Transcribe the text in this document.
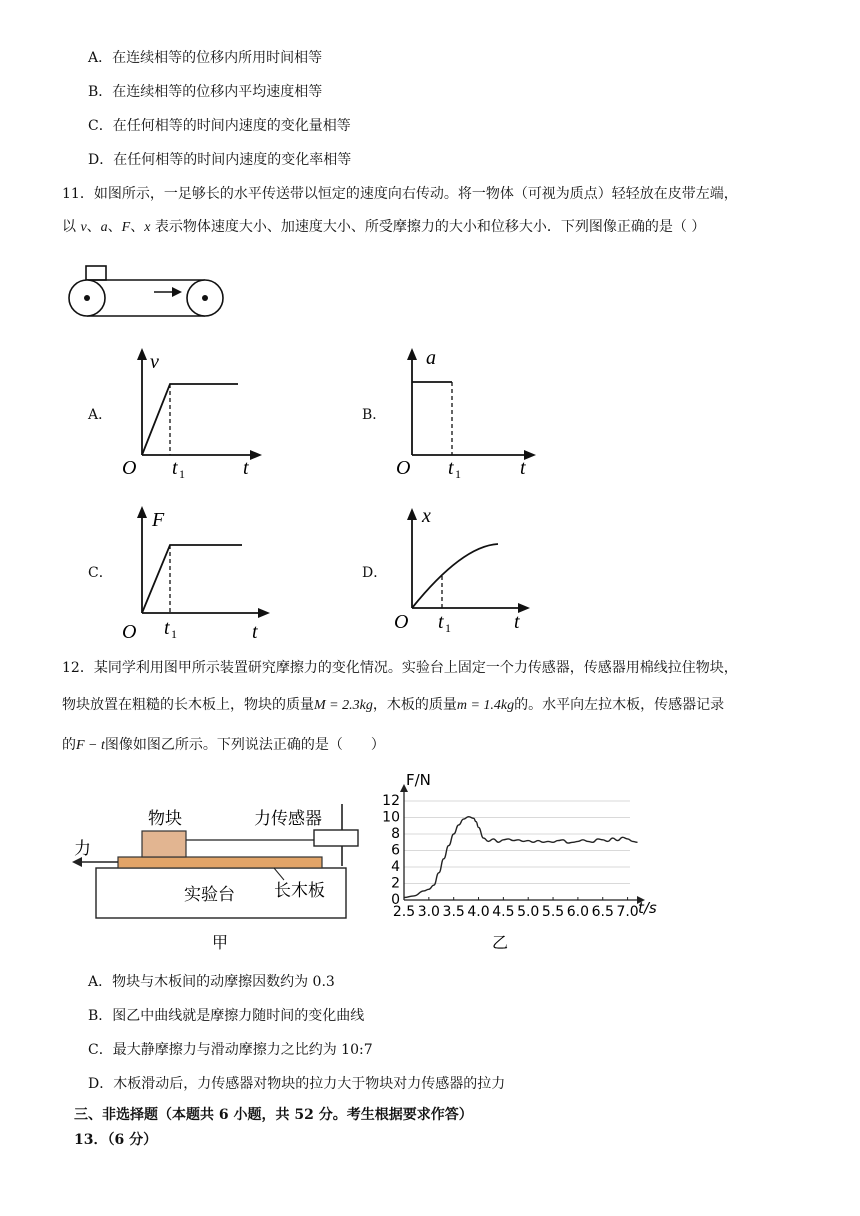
A．在连续相等的位移内所用时间相等
B．在连续相等的位移内平均速度相等
C．在任何相等的时间内速度的变化量相等
D．在任何相等的时间内速度的变化率相等
11．如图所示，一足够长的水平传送带以恒定的速度向右传动。将一物体（可视为质点）轻轻放在皮带左端，
以 v、a、F、x 表示物体速度大小、加速度大小、所受摩擦力的大小和位移大小．下列图像正确的是（ ）
A．	B．
C．	D．
v
O t 1	t
a
O t 1	t
F
O t 1	t
x
O t 1	t
12．某同学利用图甲所示装置研究摩擦力的变化情况。实验台上固定一个力传感器，传感器用棉线拉住物块，
物块放置在粗糙的长木板上，物块的质量M = 2.3kg，木板的质量m = 1.4kg的。水平向左拉木板，传感器记录
的F − t图像如图乙所示。下列说法正确的是（　　）
物块	力传感器
力
实验台 长木板
甲
0
2
4
6
8
10
12
2.5 3.0 3.5 4.0 4.5 5.0 5.5 6.0 6.5 7.0
F/N
t/s
乙
A．物块与木板间的动摩擦因数约为 0.3
B．图乙中曲线就是摩擦力随时间的变化曲线
C．最大静摩擦力与滑动摩擦力之比约为 10:7
D．木板滑动后，力传感器对物块的拉力大于物块对力传感器的拉力
三、非选择题（本题共 6 小题，共 52 分。考生根据要求作答）
13．（6 分）
